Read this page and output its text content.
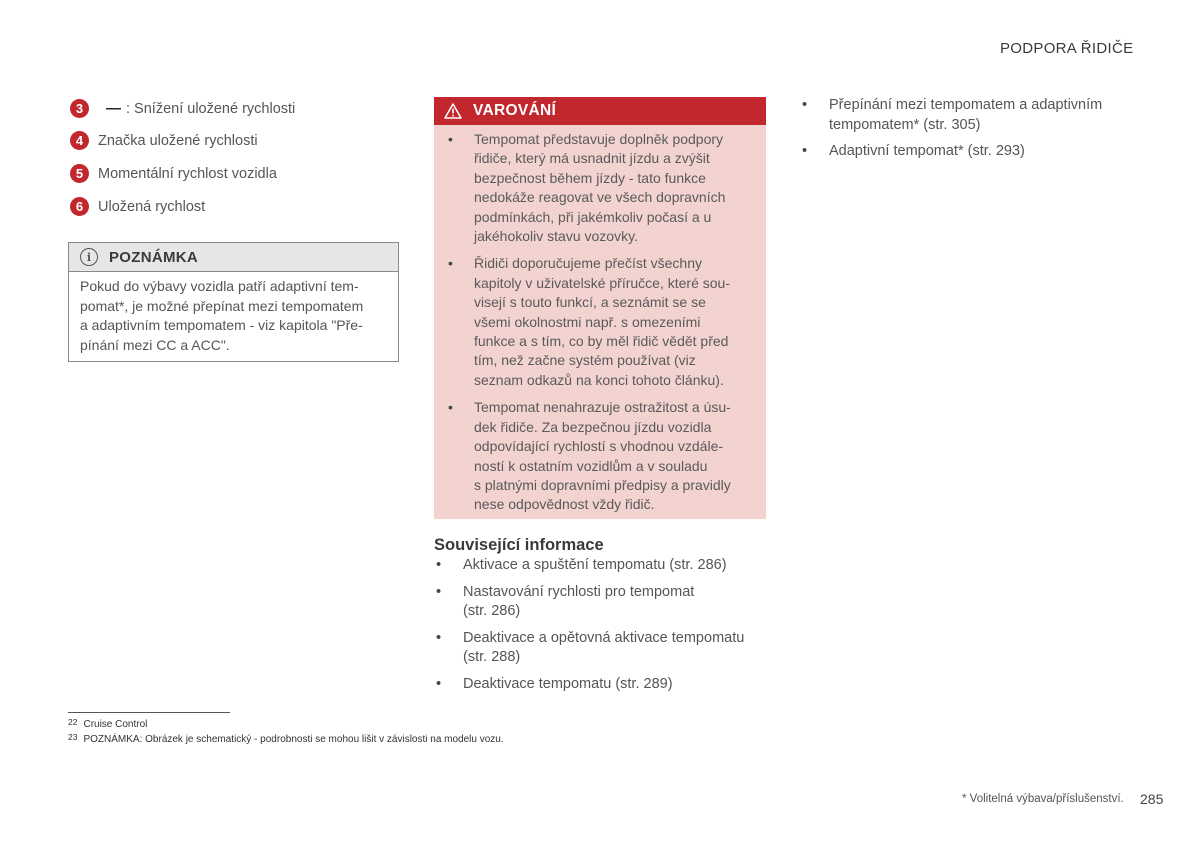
PODPORA ŘIDIČE
3	— : Snížení uložené rychlosti
4	Značka uložené rychlosti
5	Momentální rychlost vozidla
6	Uložená rychlost
i	POZNÁMKA
Pokud do výbavy vozidla patří adaptivní tem-
pomat*, je možné přepínat mezi tempomatem
a adaptivním tempomatem - viz kapitola "Pře-
pínání mezi CC a ACC".
VAROVÁNÍ
• Tempomat představuje doplněk podpory
řidiče, který má usnadnit jízdu a zvýšit
bezpečnost během jízdy - tato funkce
nedokáže reagovat ve všech dopravních
podmínkách, při jakémkoliv počasí a u
jakéhokoliv stavu vozovky.
• Řidiči doporučujeme přečíst všechny
kapitoly v uživatelské příručce, které sou-
visejí s touto funkcí, a seznámit se se
všemi okolnostmi např. s omezeními
funkce a s tím, co by měl řidič vědět před
tím, než začne systém používat (viz
seznam odkazů na konci tohoto článku).
• Tempomat nenahrazuje ostražitost a úsu-
dek řidiče. Za bezpečnou jízdu vozidla
odpovídající rychlostí s vhodnou vzdále-
ností k ostatním vozidlům a v souladu
s platnými dopravními předpisy a pravidly
nese odpovědnost vždy řidič.
Související informace
• Aktivace a spuštění tempomatu (str. 286)
• Nastavování rychlosti pro tempomat
(str. 286)
• Deaktivace a opětovná aktivace tempomatu
(str. 288)
• Deaktivace tempomatu (str. 289)
• Přepínání mezi tempomatem a adaptivním
tempomatem* (str. 305)
• Adaptivní tempomat* (str. 293)
$^{22}$ Cruise Control
$^{23}$ POZNÁMKA: Obrázek je schematický - podrobnosti se mohou lišit v závislosti na modelu vozu.
* Volitelná výbava/příslušenství. 285
